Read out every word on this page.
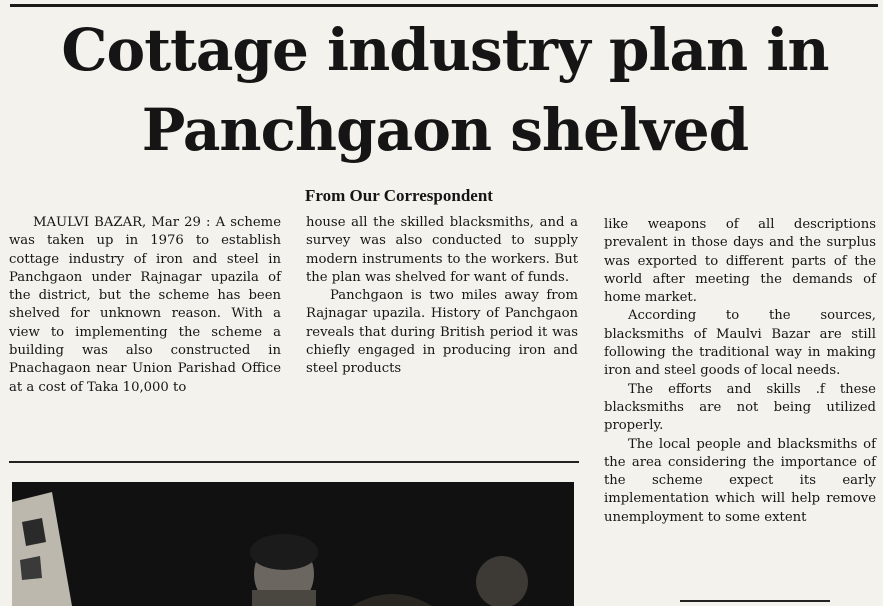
Cottage industry plan in
Panchgaon shelved
From Our Correspondent

MAULVI BAZAR, Mar 29 : A scheme was taken up in 1976 to establish cottage industry of iron and steel in Panchgaon under Rajnagar upazila of the district, but the scheme has been shelved for unknown reason. With a view to implementing the scheme a building was also constructed in Pnachagaon near Union Parishad Office at a cost of Taka 10,000 to

house all the skilled blacksmiths, and a survey was also conducted to supply modern instruments to the workers. But the plan was shelved for want of funds.

Panchgaon is two miles away from Rajnagar upazila. History of Panchgaon reveals that during British period it was chiefly engaged in producing iron and steel products

like weapons of all descriptions prevalent in those days and the surplus was exported to different parts of the world after meeting the demands of home market.

According to the sources, blacksmiths of Maulvi Bazar are still following the traditional way in making iron and steel goods of local needs.

The efforts and skills .f these blacksmiths are not being utilized properly.

The local people and blacksmiths of the area considering the importance of the scheme expect its early implementation which will help remove unemployment to some extent
